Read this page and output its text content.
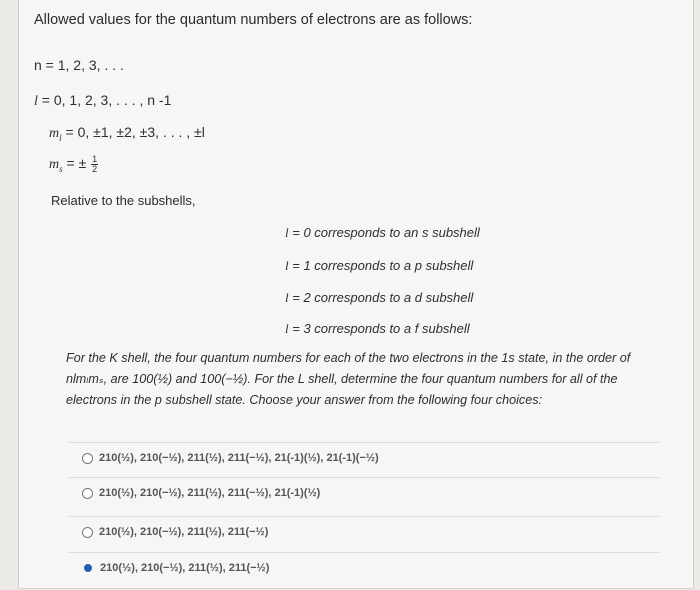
Allowed values for the quantum numbers of electrons are as follows:
n = 1, 2, 3, . . .
l = 0, 1, 2, 3, . . . , n -1
$m_l = 0$, ±1, ±2, ±3, . . . , ±l
$m_s$ = ± $\frac{1}{2}$
Relative to the subshells,
l = 0 corresponds to an s subshell
l = 1 corresponds to a p subshell
l = 2 corresponds to a d subshell
l = 3 corresponds to a f subshell
For the K shell, the four quantum numbers for each of the two electrons in the 1s state, in the order of nlmₗmₛ, are 100(½) and 100(−½). For the L shell, determine the four quantum numbers for all of the electrons in the p subshell state. Choose your answer from the following four choices:
210(½), 210(−½), 211(½), 211(−½), 21(-1)(½), 21(-1)(−½)
210(½), 210(−½), 211(½), 211(−½), 21(-1)(½)
210(½), 210(−½), 211(½), 211(−½)
210(½), 210(−½), 211(½), 211(−½)
